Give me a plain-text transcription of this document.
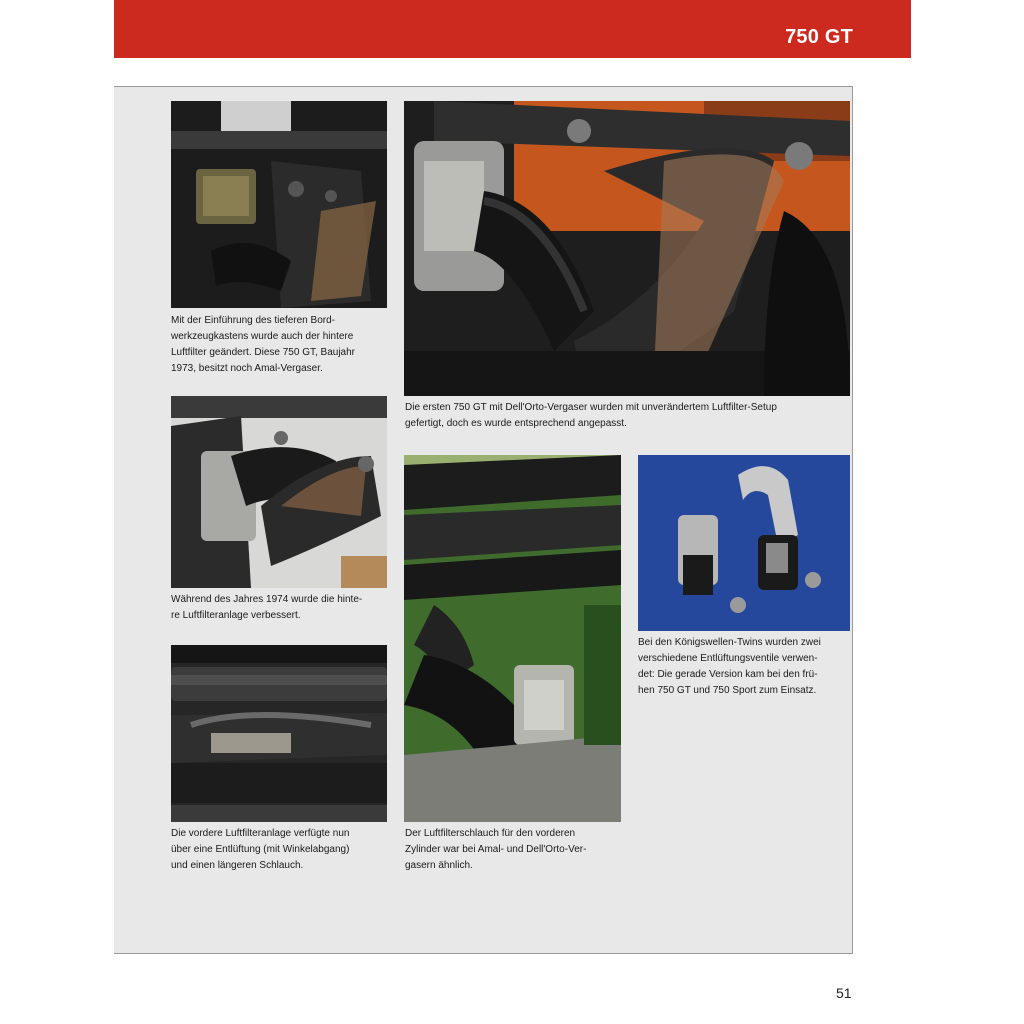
750 GT
Mit der Einführung des tieferen Bord-
werkzeugkastens wurde auch der hintere
Luftfilter geändert. Diese 750 GT, Baujahr
1973, besitzt noch Amal-Vergaser.
Die ersten 750 GT mit Dell'Orto-Vergaser wurden mit unverändertem Luftfilter-Setup
gefertigt, doch es wurde entsprechend angepasst.
Während des Jahres 1974 wurde die hinte-
re Luftfilteranlage verbessert.
Der Luftfilterschlauch für den vorderen
Zylinder war bei Amal- und Dell'Orto-Ver-
gasern ähnlich.
Bei den Königswellen-Twins wurden zwei
verschiedene Entlüftungsventile verwen-
det: Die gerade Version kam bei den frü-
hen 750 GT und 750 Sport zum Einsatz.
Die vordere Luftfilteranlage verfügte nun
über eine Entlüftung (mit Winkelabgang)
und einen längeren Schlauch.
51
